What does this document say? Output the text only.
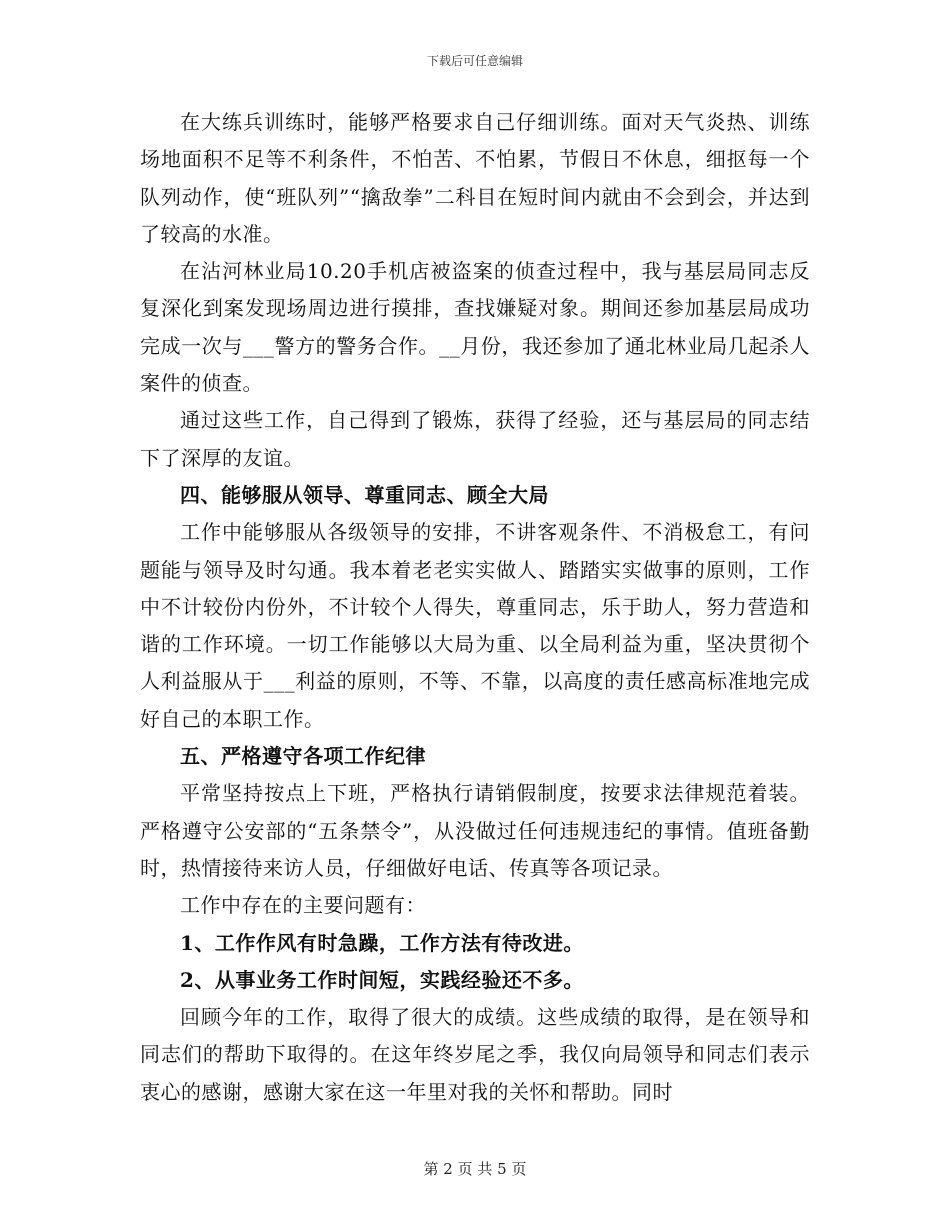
下载后可任意编辑

在大练兵训练时，能够严格要求自己仔细训练。面对天气炎热、训练场地面积不足等不利条件，不怕苦、不怕累，节假日不休息，细抠每一个队列动作，使“班队列”“擒敌拳”二科目在短时间内就由不会到会，并达到了较高的水准。

在沾河林业局10.20手机店被盗案的侦查过程中，我与基层局同志反复深化到案发现场周边进行摸排，查找嫌疑对象。期间还参加基层局成功完成一次与___警方的警务合作。__月份，我还参加了通北林业局几起杀人案件的侦查。

通过这些工作，自己得到了锻炼，获得了经验，还与基层局的同志结下了深厚的友谊。

四、能够服从领导、尊重同志、顾全大局

工作中能够服从各级领导的安排，不讲客观条件、不消极怠工，有问题能与领导及时勾通。我本着老老实实做人、踏踏实实做事的原则，工作中不计较份内份外，不计较个人得失，尊重同志，乐于助人，努力营造和谐的工作环境。一切工作能够以大局为重、以全局利益为重，坚决贯彻个人利益服从于___利益的原则，不等、不靠，以高度的责任感高标准地完成好自己的本职工作。

五、严格遵守各项工作纪律

平常坚持按点上下班，严格执行请销假制度，按要求法律规范着装。严格遵守公安部的“五条禁令”，从没做过任何违规违纪的事情。值班备勤时，热情接待来访人员，仔细做好电话、传真等各项记录。

工作中存在的主要问题有：

1、工作作风有时急躁，工作方法有待改进。

2、从事业务工作时间短，实践经验还不多。

回顾今年的工作，取得了很大的成绩。这些成绩的取得，是在领导和同志们的帮助下取得的。在这年终岁尾之季，我仅向局领导和同志们表示衷心的感谢，感谢大家在这一年里对我的关怀和帮助。同时

第 2 页 共 5 页
